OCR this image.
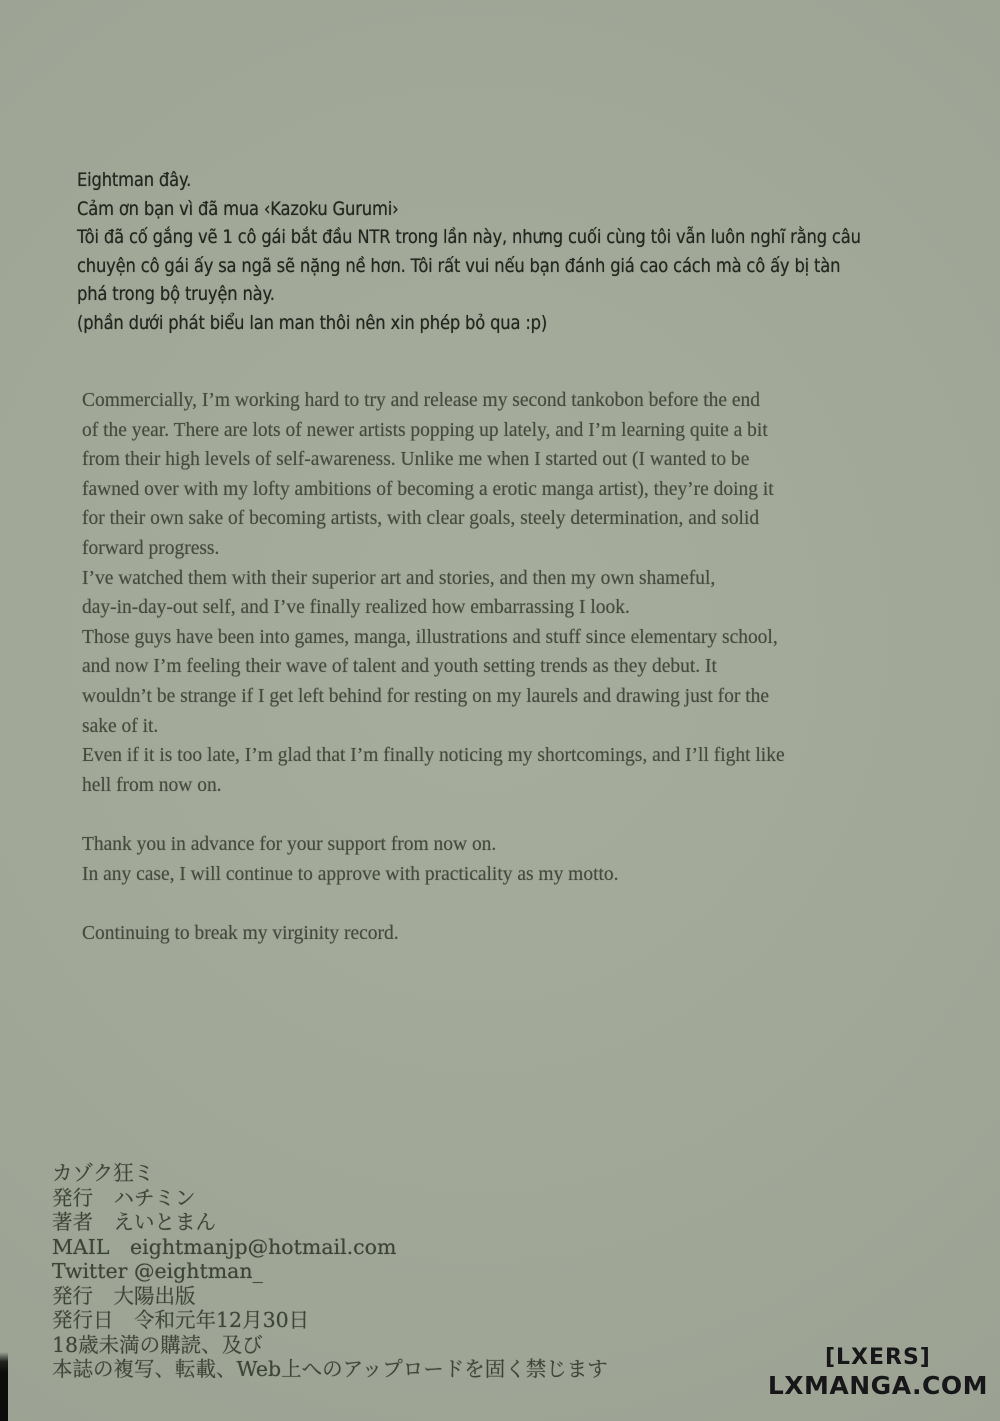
Eightman đây.
Cảm ơn bạn vì đã mua ‹Kazoku Gurumi›
Tôi đã cố gắng vẽ 1 cô gái bắt đầu NTR trong lần này, nhưng cuối cùng tôi vẫn luôn nghĩ rằng câu
chuyện cô gái ấy sa ngã sẽ nặng nề hơn. Tôi rất vui nếu bạn đánh giá cao cách mà cô ấy bị tàn
phá trong bộ truyện này.
(phần dưới phát biểu lan man thôi nên xin phép bỏ qua :p)
Commercially, I’m working hard to try and release my second tankobon before the end
of the year. There are lots of newer artists popping up lately, and I’m learning quite a bit
from their high levels of self-awareness. Unlike me when I started out (I wanted to be
fawned over with my lofty ambitions of becoming a erotic manga artist), they’re doing it
for their own sake of becoming artists, with clear goals, steely determination, and solid
forward progress.
I’ve watched them with their superior art and stories, and then my own shameful,
day-in-day-out self, and I’ve finally realized how embarrassing I look.
Those guys have been into games, manga, illustrations and stuff since elementary school,
and now I’m feeling their wave of talent and youth setting trends as they debut. It
wouldn’t be strange if I get left behind for resting on my laurels and drawing just for the
sake of it.
Even if it is too late, I’m glad that I’m finally noticing my shortcomings, and I’ll fight like
hell from now on.
Thank you in advance for your support from now on.
In any case, I will continue to approve with practicality as my motto.
Continuing to break my virginity record.
カゾク狂ミ
発行　ハチミン
著者　えいとまん
MAIL　eightmanjp@hotmail.com
Twitter @eightman_
発行　大陽出版
発行日　令和元年12月30日
18歳未満の購読、及び
本誌の複写、転載、Web上へのアップロードを固く禁じます	[LXERS]
LXMANGA.COM
